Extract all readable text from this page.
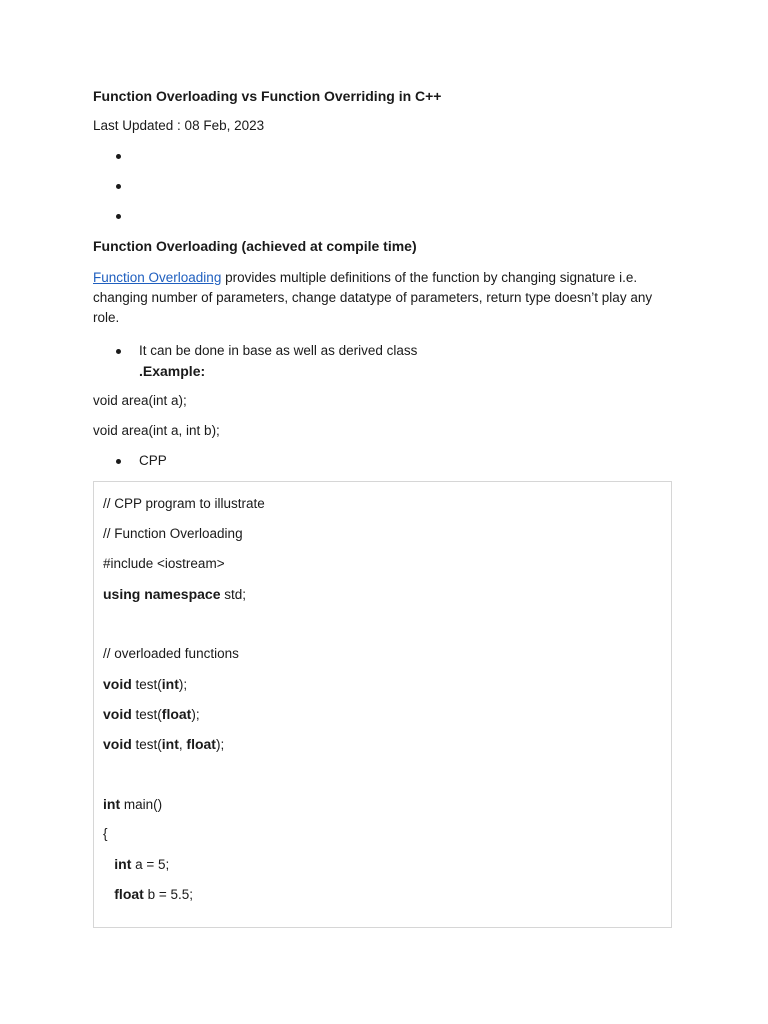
Function Overloading vs Function Overriding in C++
Last Updated : 08 Feb, 2023
Function Overloading (achieved at compile time)

Function Overloading provides multiple definitions of the function by changing signature i.e. changing number of parameters, change datatype of parameters, return type doesn’t play any role.

It can be done in base as well as derived class
.Example:
void area(int a);
void area(int a, int b);
CPP
// CPP program to illustrate
// Function Overloading
#include <iostream>
using namespace std;
// overloaded functions
void test(int);
void test(float);
void test(int, float);
int main()
{
int a = 5;
float b = 5.5;
